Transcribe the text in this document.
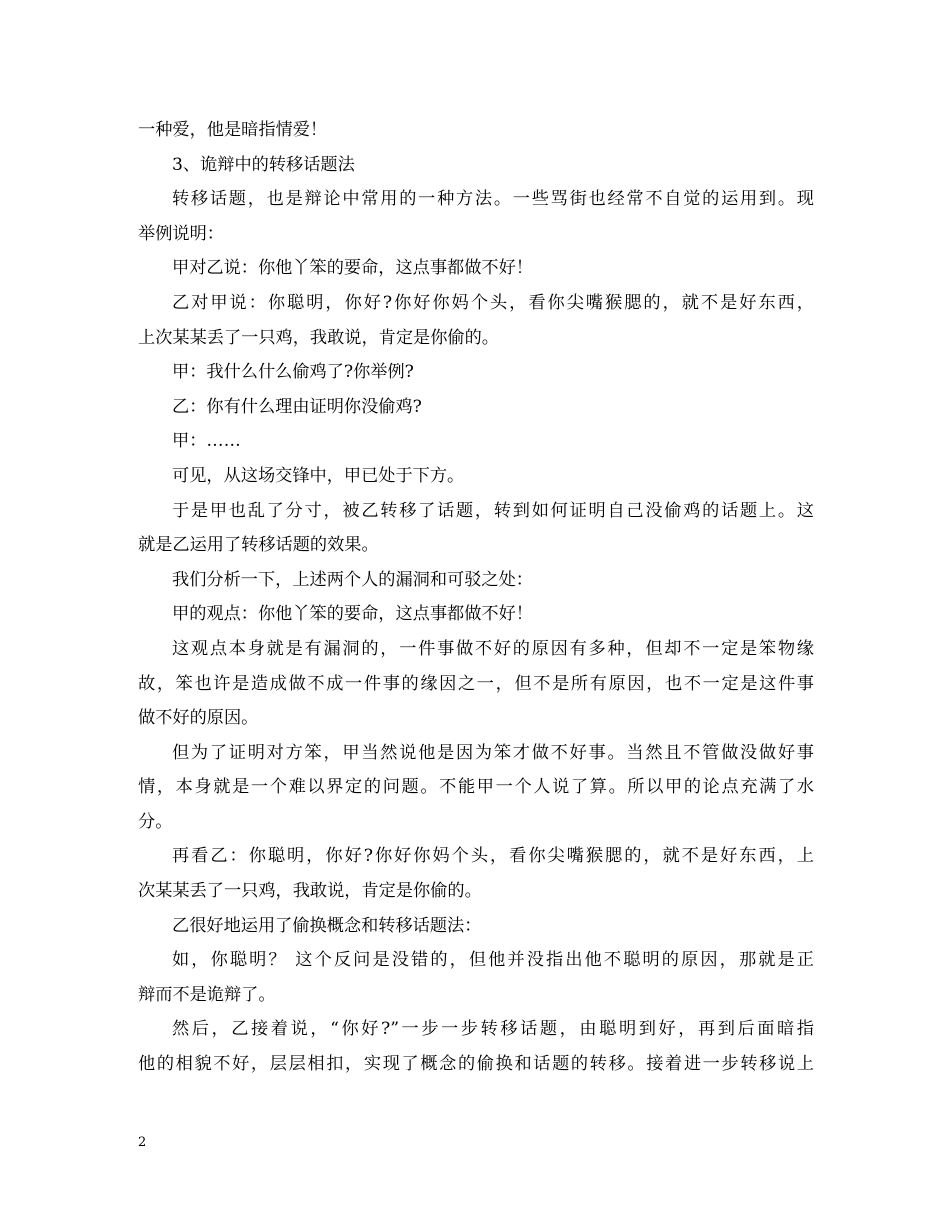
一种爱，他是暗指情爱！
3、诡辩中的转移话题法
转移话题，也是辩论中常用的一种方法。一些骂街也经常不自觉的运用到。现
举例说明：
甲对乙说：你他丫笨的要命，这点事都做不好！
乙对甲说：你聪明，你好?你好你妈个头，看你尖嘴猴腮的，就不是好东西，
上次某某丢了一只鸡，我敢说，肯定是你偷的。
甲：我什么什么偷鸡了?你举例?
乙：你有什么理由证明你没偷鸡?
甲：……
可见，从这场交锋中，甲已处于下方。
于是甲也乱了分寸，被乙转移了话题，转到如何证明自己没偷鸡的话题上。这
就是乙运用了转移话题的效果。
我们分析一下，上述两个人的漏洞和可驳之处：
甲的观点：你他丫笨的要命，这点事都做不好！
这观点本身就是有漏洞的，一件事做不好的原因有多种，但却不一定是笨物缘
故，笨也许是造成做不成一件事的缘因之一，但不是所有原因，也不一定是这件事
做不好的原因。
但为了证明对方笨，甲当然说他是因为笨才做不好事。当然且不管做没做好事
情，本身就是一个难以界定的问题。不能甲一个人说了算。所以甲的论点充满了水
分。
再看乙：你聪明，你好?你好你妈个头，看你尖嘴猴腮的，就不是好东西，上
次某某丢了一只鸡，我敢说，肯定是你偷的。
乙很好地运用了偷换概念和转移话题法：
如，你聪明？ 这个反问是没错的，但他并没指出他不聪明的原因，那就是正
辩而不是诡辩了。
然后，乙接着说，“你好?”一步一步转移话题，由聪明到好，再到后面暗指
他的相貌不好，层层相扣，实现了概念的偷换和话题的转移。接着进一步转移说上
2
